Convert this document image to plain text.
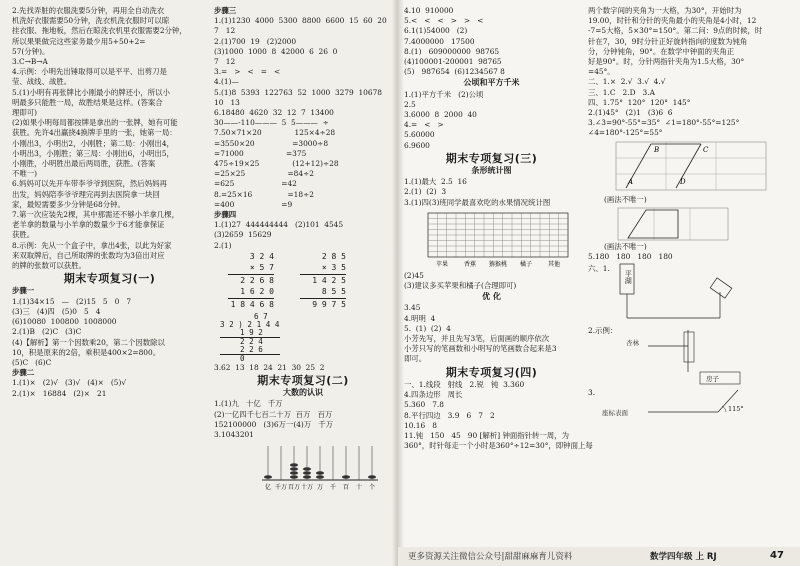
2.先找弄脏的衣服洗要5分钟，再用全自动洗衣

机洗好衣服需要50分钟，洗衣机洗衣服时可以晾

挂衣服、拖地板，然后在晾洗衣机里衣服需要2分钟，

所以果果做完这些家务最少用5+50+2=

57(分钟)。

3.C→B→A

4.示例：小明先出锤取得可以是平平、出剪刀是

莹、战线、战胜。

5.(1)小明有再张牌比小刚最小的牌还小，所以小

明最多只能胜一局，故胜结果是这样。(答案合

理即可)

(2)如果小明每局都按牌是拿出的一张牌，她有可能

获胜。先许4出赢挠4换牌手里的一张，她第一局：

小刚出3，小明出2，小刚胜；第二局：小刚出4，

小明出3，小刚胜；第三局：小刚出6，小明出5，

小刚胜，小明胜出最后两局胜，获胜。(答案

不唯一)

6.妈妈可以先开车带李爷爷到医院，然后妈妈再

出发，妈妈陪李爷爷理完再到去医院拿一块回

家，最短需要多少分钟是68分钟。

7.第一次应装先2棵，其中那需还不够小羊拿几棵，

老羊拿的数量与小羊拿的数量少于6才能拿保证

获胜。

8.示例：先从一个盒子中，拿出4张，以此为好家

来双取牌后，自己所取牌的张数均为3倍出对应

的牌的张数可以获胜。

期末专项复习(一)
步骤一

1.(1)34×15   —   (2)15   5   0   7

(3)三   (4)四   (5)0   5   4

(6)10080  100800  1008000

2.(1)B   (2)C   (3)C

(4)【解析】第一个因数乘20，第二个因数除以

10，积是原来的2倍，乘积是400×2=800。

(5)C   (6)C

步骤二

1.(1)×   (2)√   (3)√   (4)×   (5)√

2.(1)×   16884   (2)×   21

步骤三

1.(1)1230  4000  5300  8800  6600  15  60  20

7   12

2.(1)700  19   (2)2000

(3)1000  1000  8  42000  6  26  0

7   12

3.=   >   <   =   <

4.(1)—

5.(1)8  5393  122763  52  1000  3279  10678

10   13

6.18480  4620  32  12  7  13400

30——-110———  5  5———  ÷

7.50×71×20              125×4÷28

=3550×20                =3000÷8

=71000                  =375

475÷19×25              (12+12)÷28

=25×25                  =84÷2

=625                    =42

8.=25×16               =18÷2

=400                    =9

步骤四

1.(1)27  444444444   (2)101  4545

(3)2659  15629

2.(1)

3 2 4
× 5 7
2 2 6 8
1 6 2 0
1 8 4 6 8
2 8 5
× 3 5
1 4 2 5
8 5 5
9 9 7 5
6 7
3 2 ) 2 1 4 4
1 9 2
2 2 4
2 2 6
0

3.62  13  18  24  21  30  25  2

期末专项复习(二)
大数的认识

1.(1)九   十亿   千万

(2)一亿四千七百二十万  百万   百万

152100000   (3)6万一(4)万   千万

3.1043201

亿 千万 百万 十万 万 千 百 十 个

4.10  910000

5.<   <   <   >   >   <

6.1(1)54000   (2)

7.4000000   17500

8.(1)   609000000  98765

(4)100001-200001  98765

(5)   987654  (6)1234567 8

公顷和平方千米

1.(1)平方千米   (2)公顷

2.5

3.6000  8  2000  40

4.=   <   >

5.60000

6.9600

期末专项复习(三)
条形统计图

1.(1)最大  2.5  16

2.(1)  (2)  3

3.(1)四(3)班同学最喜欢吃的水果情况统计图

苹果	香蕉 猕猴桃 橘子	其他

(2)45

(3)建议多买苹果和橘子(合理即可)

优 化

3.45

4.明明  4

5.  (1)  (2)  4

小芳先写，并且先写3笔，后面画的顺序依次

小芳只写的笔画数和小明写的笔画数合起来是3

即可。

期末专项复习(四)

一、1.线段   射线   2.锐   钝  3.360

4.四条边形   周长

5.360   7.8

8.平行四边   3.9   6   7   2

10.16   8

11.钝   150   45   90 [解析] 钟面指针转一周，为

360°，时针每走一个小时是360°÷12=30°，即钟面上每

两个数字间的夹角为一大格，为30°，开始时为

19.00，时针和分针的夹角最小的夹角是4小时，12

-7=5大格，5×30°=150°。第二问：9点的时候，时

针在7，30，9时分针正好旋转指向的度数为钝角

分，分钟钝角，90°。在数学中钟面的夹角正

好是90°。时，分针两指针夹角为1.5大格，30°

=45°。

二、1.×  2.√  3.√  4.√

三、1.C   2.D   3.A

四、1.75°  120°  120°  145°

2.(1)45°   (2)1   (3)6  6

3.∠3=90°-55°=35°  ∠1=180°-55°=125°

∠4=180°-125°=55°

A
B	C
D

(画法不唯一)

(画法不唯一)

5.180   180   180   180

六、1.

平湖

2.示例：

杏林
房子

3.

座标表面	115°
更多资源关注微信公众号|甜甜麻麻育儿资料	数学四年级 上 RJ	47
